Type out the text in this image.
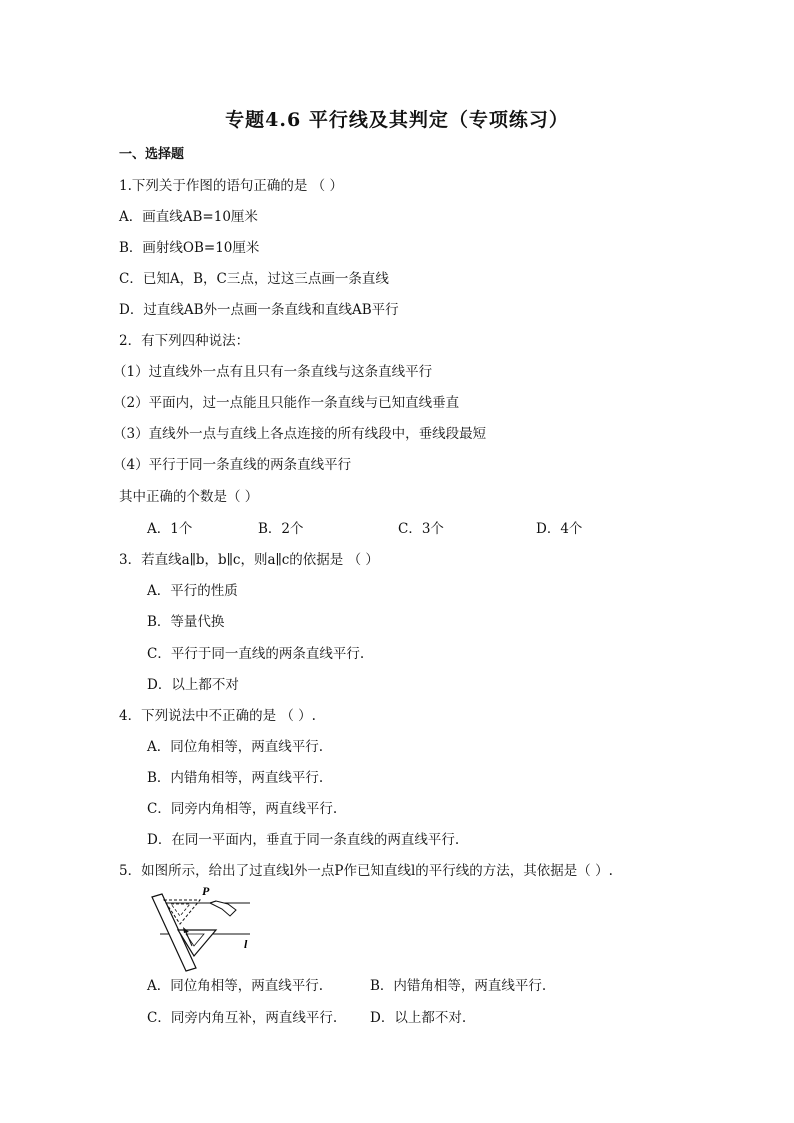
专题4.6 平行线及其判定（专项练习）
一、选择题
1.下列关于作图的语句正确的是 （ ）
A．画直线AB=10厘米
B．画射线OB=10厘米
C．已知A，B，C三点，过这三点画一条直线
D．过直线AB外一点画一条直线和直线AB平行
2．有下列四种说法：
（1）过直线外一点有且只有一条直线与这条直线平行
（2）平面内，过一点能且只能作一条直线与已知直线垂直
（3）直线外一点与直线上各点连接的所有线段中，垂线段最短
（4）平行于同一条直线的两条直线平行
其中正确的个数是（ ）
A．1个	B．2个	C．3个	D．4个
3．若直线a∥b，b∥c，则a∥c的依据是 （ ）
A．平行的性质
B．等量代换
C．平行于同一直线的两条直线平行.
D．以上都不对
4．下列说法中不正确的是 （ ）.
A．同位角相等，两直线平行.
B．内错角相等，两直线平行.
C．同旁内角相等，两直线平行.
D．在同一平面内，垂直于同一条直线的两直线平行.
5．如图所示，给出了过直线l外一点P作已知直线l的平行线的方法，其依据是（ ）.
P
l
A．同位角相等，两直线平行.	B．内错角相等，两直线平行.
C．同旁内角互补，两直线平行. D．以上都不对.
